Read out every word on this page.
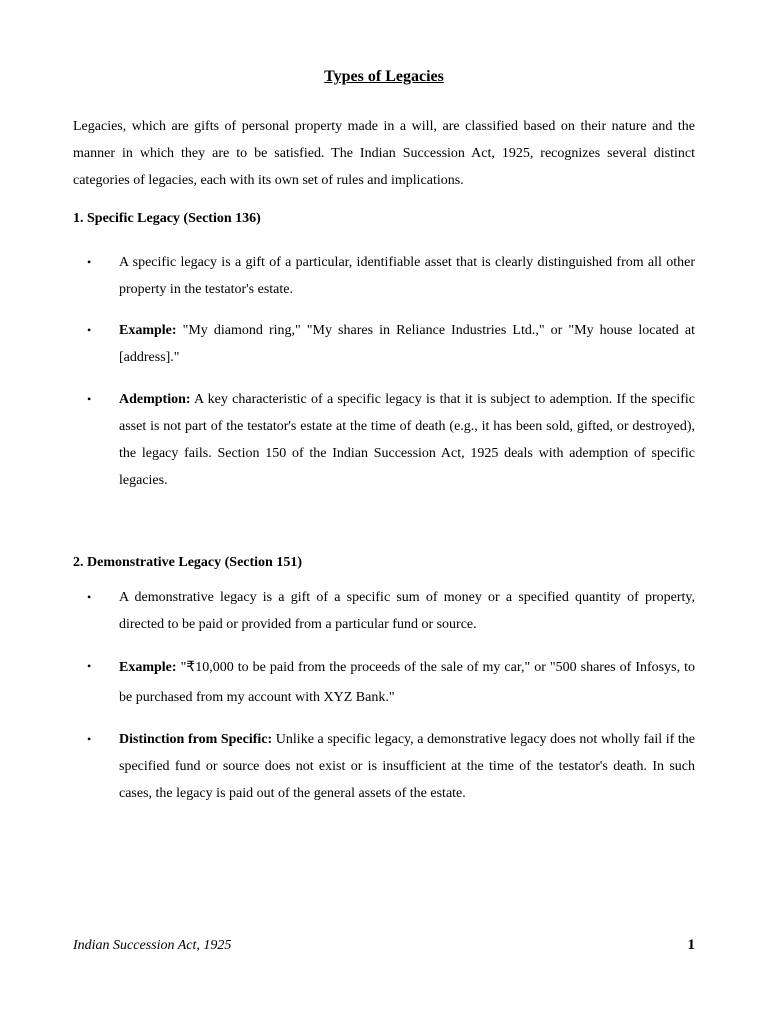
Types of Legacies

Legacies, which are gifts of personal property made in a will, are classified based on their nature and the manner in which they are to be satisfied. The Indian Succession Act, 1925, recognizes several distinct categories of legacies, each with its own set of rules and implications.

1. Specific Legacy (Section 136)

• A specific legacy is a gift of a particular, identifiable asset that is clearly distinguished from all other property in the testator's estate.

• Example: "My diamond ring," "My shares in Reliance Industries Ltd.," or "My house located at [address]."

• Ademption: A key characteristic of a specific legacy is that it is subject to ademption. If the specific asset is not part of the testator's estate at the time of death (e.g., it has been sold, gifted, or destroyed), the legacy fails. Section 150 of the Indian Succession Act, 1925 deals with ademption of specific legacies.

2. Demonstrative Legacy (Section 151)

• A demonstrative legacy is a gift of a specific sum of money or a specified quantity of property, directed to be paid or provided from a particular fund or source.

• Example: "₹10,000 to be paid from the proceeds of the sale of my car," or "500 shares of Infosys, to be purchased from my account with XYZ Bank."

• Distinction from Specific: Unlike a specific legacy, a demonstrative legacy does not wholly fail if the specified fund or source does not exist or is insufficient at the time of the testator's death. In such cases, the legacy is paid out of the general assets of the estate.

Indian Succession Act, 1925	1
